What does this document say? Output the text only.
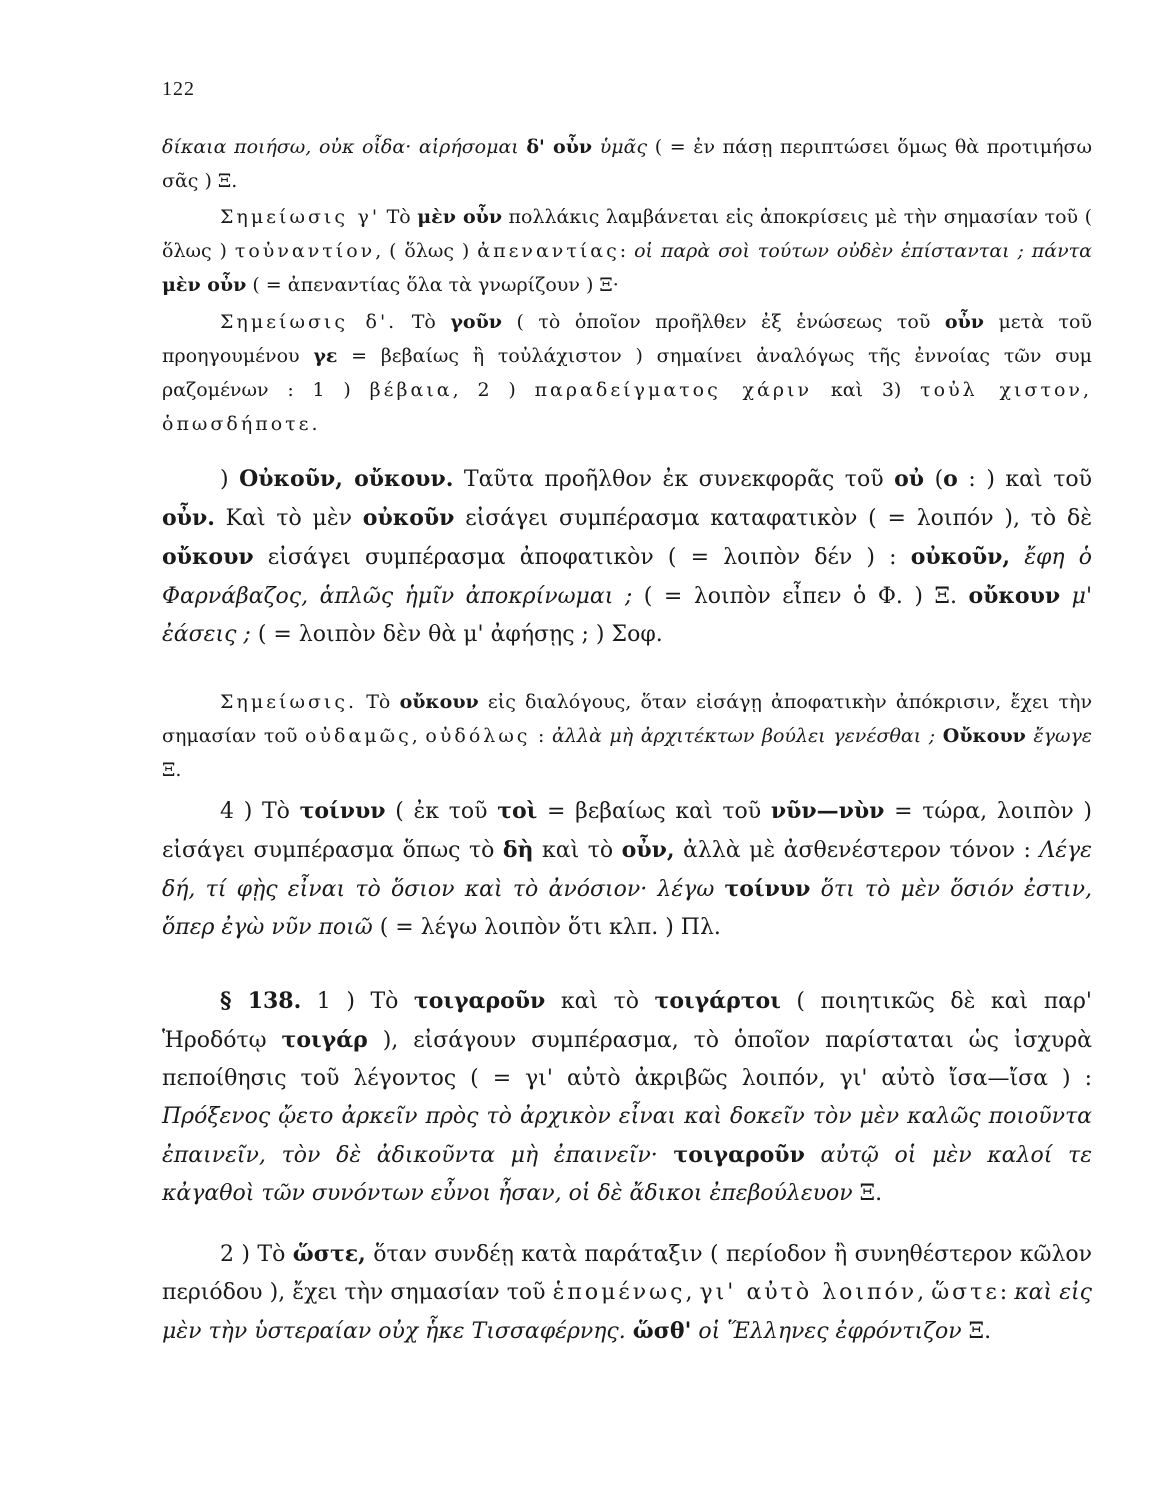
122
δίκαια ποιήσω, οὐκ οἶδα· αἱρήσομαι δ' οὖν ὑμᾶς ( = ἐν πάσῃ περιπτώσει ὅμως θὰ προτιμήσω σᾶς ) Ξ.
Σημείωσις γ' Τὸ μὲν οὖν πολλάκις λαμβάνεται εἰς ἀποκρίσεις μὲ τὴν σημασίαν τοῦ ( ὅλως ) τοὐναντίον, ( ὅλως ) ἀπεναντίας: οἱ παρὰ σοὶ τούτων οὐδὲν ἐπίστανται ; πάντα μὲν οὖν ( = ἀπεναντίας ὅλα τὰ γνωρίζουν ) Ξ·
Σημείωσις δ'. Τὸ γοῦν ( τὸ ὁποῖον προῆλθεν ἐξ ἑνώσεως τοῦ οὖν μετὰ τοῦ προηγουμένου γε = βεβαίως ἢ τοὐλάχιστον ) σημαίνει ἀναλόγως τῆς ἐννοίας τῶν συμ ραζομένων : 1 ) βέβαια, 2 ) παραδείγματος χάριν καὶ 3) τοὐλ χιστον, ὁπωσδήποτε.
) Οὐκοῦν, οὔκουν. Ταῦτα προῆλθον ἐκ συνεκφορᾶς τοῦ οὐ (ο : ) καὶ τοῦ οὖν. Καὶ τὸ μὲν οὐκοῦν εἰσάγει συμπέρασμα καταφατικὸν ( = λοιπόν ), τὸ δὲ οὔκουν εἰσάγει συμπέρασμα ἀποφατικὸν ( = λοιπὸν δέν ) : οὐκοῦν, ἔφη ὁ Φαρνάβαζος, ἁπλῶς ἡμῖν ἀποκρίνωμαι ; ( = λοιπὸν εἶπεν ὁ Φ. ) Ξ. οὔκουν μ' ἐάσεις ; ( = λοιπὸν δὲν θὰ μ' ἀφήσῃς ; ) Σοφ.
Σημείωσις. Τὸ οὔκουν εἰς διαλόγους, ὅταν εἰσάγῃ ἀποφατικὴν ἀπόκρισιν, ἔχει τὴν σημασίαν τοῦ οὐδαμῶς, οὐδόλως : ἀλλὰ μὴ ἀρχιτέκτων βούλει γενέσθαι ; Οὔκουν ἔγωγε Ξ.
4 ) Τὸ τοίνυν ( ἐκ τοῦ τοὶ = βεβαίως καὶ τοῦ νῦν—νὺν = τώρα, λοιπὸν ) εἰσάγει συμπέρασμα ὅπως τὸ δὴ καὶ τὸ οὖν, ἀλλὰ μὲ ἀσθενέστερον τόνον : Λέγε δή, τί φῂς εἶναι τὸ ὅσιον καὶ τὸ ἀνόσιον· λέγω τοίνυν ὅτι τὸ μὲν ὅσιόν ἐστιν, ὅπερ ἐγὼ νῦν ποιῶ ( = λέγω λοιπὸν ὅτι κλπ. ) Πλ.
§ 138. 1 ) Τὸ τοιγαροῦν καὶ τὸ τοιγάρτοι ( ποιητικῶς δὲ καὶ παρ' Ἡροδότῳ τοιγάρ ), εἰσάγουν συμπέρασμα, τὸ ὁποῖον παρίσταται ὡς ἰσχυρὰ πεποίθησις τοῦ λέγοντος ( = γι' αὐτὸ ἀκριβῶς λοιπόν, γι' αὐτὸ ἴσα—ἴσα ) : Πρόξενος ᾤετο ἀρκεῖν πρὸς τὸ ἀρχικὸν εἶναι καὶ δοκεῖν τὸν μὲν καλῶς ποιοῦντα ἐπαινεῖν, τὸν δὲ ἀδικοῦντα μὴ ἐπαινεῖν· τοιγαροῦν αὐτῷ οἱ μὲν καλοί τε κἀγαθοὶ τῶν συνόντων εὖνοι ἦσαν, οἱ δὲ ἄδικοι ἐπεβούλευον Ξ.
2 ) Τὸ ὥστε, ὅταν συνδέῃ κατὰ παράταξιν ( περίοδον ἢ συνηθέστερον κῶλον περιόδου ), ἔχει τὴν σημασίαν τοῦ ἑπομένως, γι' αὐτὸ λοιπόν, ὥστε: καὶ εἰς μὲν τὴν ὑστεραίαν οὐχ ἧκε Τισσαφέρνης. ὥσθ' οἱ Ἕλληνες ἐφρόντιζον Ξ.
